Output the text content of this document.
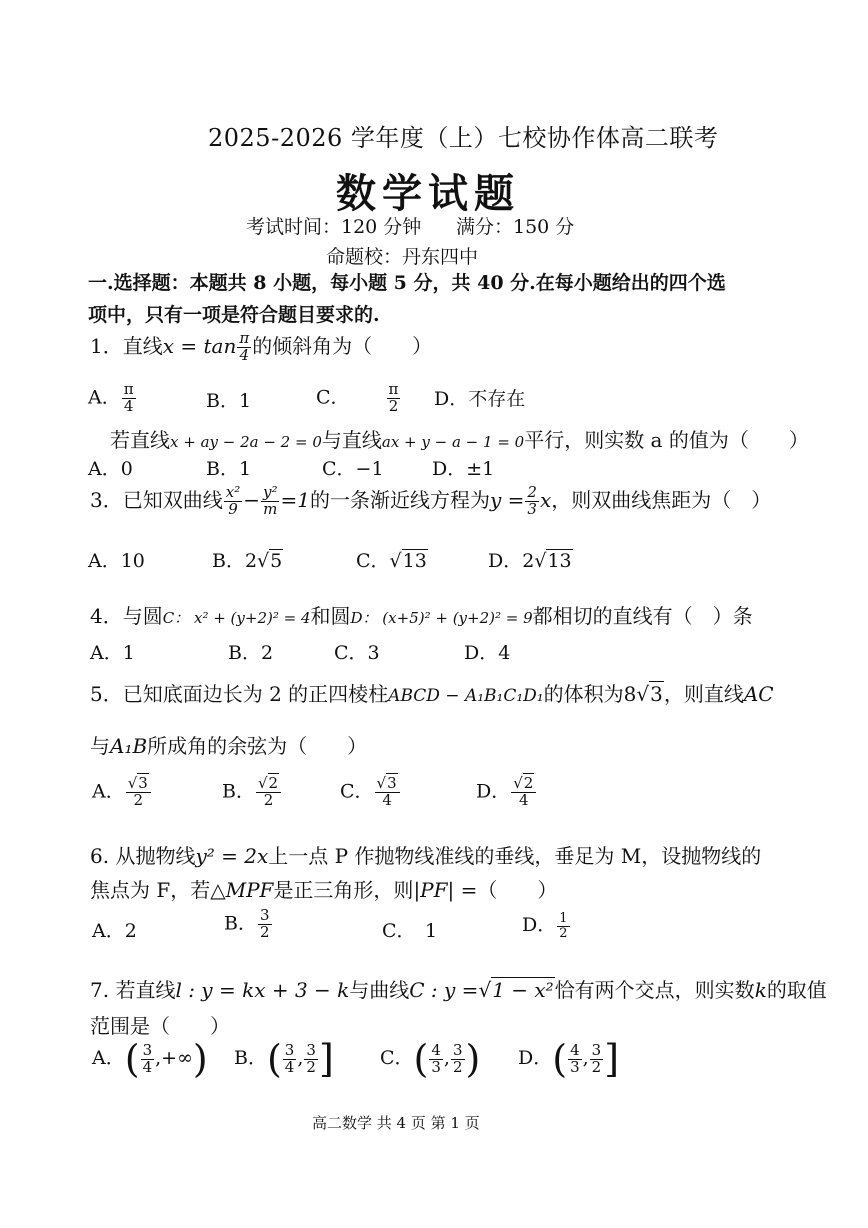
2025-2026 学年度（上）七校协作体高二联考
数学试题
考试时间：120 分钟 满分：150 分
命题校：丹东四中
一.选择题：本题共 8 小题，每小题 5 分，共 40 分.在每小题给出的四个选
项中，只有一项是符合题目要求的.
1．直线$x = \tan \frac{\pi}{4}$ 的倾斜角为（　　）
A． $\frac{\pi}{4}$	B．1	C． $\frac{\pi}{2}$ D．不存在
若直线x + ay − 2a − 2 = 0与直线ax + y − a − 1 = 0平行，则实数 a 的值为（　　）
A．0	B．1	C．−1	D．±1
3．已知双曲线 $\frac{\text{x²}}{9} - \frac{\text{y²}}{m} =1$的一条渐近线方程为$y = \frac{2}{3}$ x，则双曲线焦距为（　）
A．10	B．2√5	C．√13	D．2√13
4．与圆C： x² + (y+2)² = 4和圆D： (x+5)² + (y+2)² = 9都相切的直线有（　）条
A．1	B．2	C．3	D．4
5．已知底面边长为 2 的正四棱柱ABCD − A₁B₁C₁D₁的体积为8√3，则直线AC
与A₁B所成角的余弦为（　　）
A． $\frac{√3}{2}$	B． $\frac{√2}{2}$	C． $\frac{√3}{4}$	D． $\frac{√2}{4}$
6. 从抛物线y² = 2x上一点 P 作抛物线准线的垂线，垂足为 M，设抛物线的
焦点为 F，若△MPF是正三角形，则|PF| =（　　）
A．2	B． $\frac{3}{2}$	C．　1	D． $\frac{1}{2}$
7. 若直线l : y = kx + 3 − k与曲线C : y =√1 − x²恰有两个交点，则实数k的取值
范围是（　　）
A．( $\frac{3}{4}$ ,+∞) B．( $\frac{3}{4}$ , $\frac{3}{2}$ ] C．( $\frac{4}{3}$ , $\frac{3}{2}$ ) D．( $\frac{4}{3}$ , $\frac{3}{2}$ ]
高二数学 共 4 页 第 1 页
